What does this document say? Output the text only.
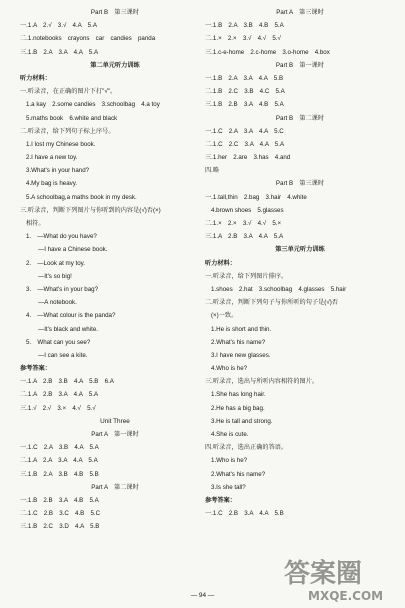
Part B　第三课时
一.1.A　2.√　3.√　4.A　5.A
二.1.notebooks　crayons　car　candies　panda
三.1.B　2.A　3.A　4.A　5.A
第二单元听力训练
听力材料：
一.听录音，在正确的图片下打"√"。
1.a kay　2.some candies　3.schoolbag　4.a toy
5.maths book　6.white and black
二.听录音，给下列句子标上序号。
1.I lost my Chinese book.
2.I have a new toy.
3.What's in your hand?
4.My bag is heavy.
5.A schoolbag,a maths book in my desk.
三.听录音，判断下列图片与你听到的内容是(√)否(×)
相符。
1.　—What do you have?
—I have a Chinese book.
2.　—Look at my toy.
—It's so big!
3.　—What's in your bag?
—A notebook.
4.　—What colour is the panda?
—It's black and white.
5.　What can you see?
—I can see a kite.
参考答案：
一.1.A　2.B　3.B　4.A　5.B　6.A
二.1.A　2.B　3.A　4.A　5.A
三.1.√　2.√　3.×　4.√　5.√
Unit Three
Part A　第一课时
一.1.C　2.A　3.B　4.A　5.A
二.1.A　2.A　3.A　4.A　5.A
三.1.B　2.A　3.B　4.B　5.B
Part A　第二课时
一.1.B　2.B　3.A　4.B　5.A
二.1.C　2.B　3.C　4.B　5.C
三.1.B　2.C　3.D　4.A　5.B
Part A　第三课时
一.1.B　2.A　3.B　4.B　5.A
二.1.×　2.×　3.√　4.√　5.√
三.1.c-e-home　2.c-home　3.o-home　4.box
Part B　第一课时
一.1.B　2.A　3.A　4.A　5.B
二.1.B　2.C　3.B　4.C　5.A
三.1.B　2.B　3.A　4.B　5.A
Part B　第二课时
一.1.C　2.A　3.A　4.A　5.C
二.1.C　2.C　3.A　4.A　5.A
三.1.her　2.are　3.has　4.and
四.略
Part B　第三课时
一.1.tall,thin　2.bag　3.hair　4.white
4.brown shoes　5.glasses
二.1.×　2.×　3.√　4.√　5.×
三.1.A　2.B　3.A　4.A　5.A
第三单元听力训练
听力材料：
一.听录音，给下列图片排序。
1.shoes　2.hat　3.schoolbag　4.glasses　5.hair
二.听录音，判断下列句子与你所听的句子是(√)否
(×)一致。
1.He is short and thin.
2.What's his name?
3.I have new glasses.
4.Who is he?
三.听录音，选出与所听内容相符的图片。
1.She has long hair.
2.He has a big bag.
3.He is tall and strong.
4.She is cute.
四.听录音，选出正确的答语。
1.Who is he?
2.What's his name?
3.Is she tall?
参考答案：
一.1.C　2.B　3.A　4.A　5.B
— 94 —
答案圈
MXQE.COM
